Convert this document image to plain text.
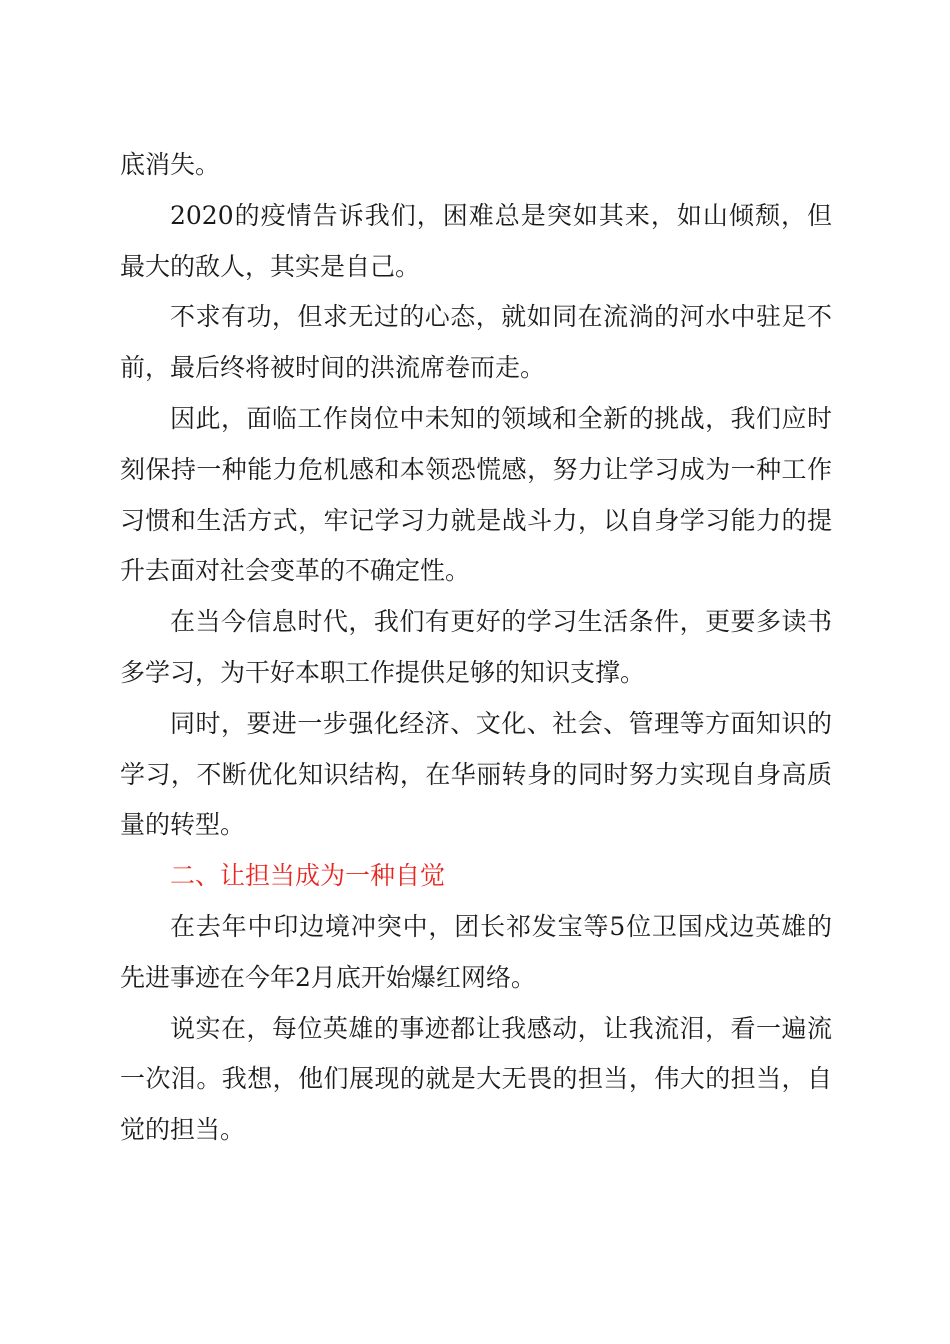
底消失。

2020的疫情告诉我们，困难总是突如其来，如山倾颓，但最大的敌人，其实是自己。

不求有功，但求无过的心态，就如同在流淌的河水中驻足不前，最后终将被时间的洪流席卷而走。

因此，面临工作岗位中未知的领域和全新的挑战，我们应时刻保持一种能力危机感和本领恐慌感，努力让学习成为一种工作习惯和生活方式，牢记学习力就是战斗力，以自身学习能力的提升去面对社会变革的不确定性。

在当今信息时代，我们有更好的学习生活条件，更要多读书多学习，为干好本职工作提供足够的知识支撑。

同时，要进一步强化经济、文化、社会、管理等方面知识的学习，不断优化知识结构，在华丽转身的同时努力实现自身高质量的转型。

二、让担当成为一种自觉

在去年中印边境冲突中，团长祁发宝等5位卫国戍边英雄的先进事迹在今年2月底开始爆红网络。

说实在，每位英雄的事迹都让我感动，让我流泪，看一遍流一次泪。我想，他们展现的就是大无畏的担当，伟大的担当，自觉的担当。
